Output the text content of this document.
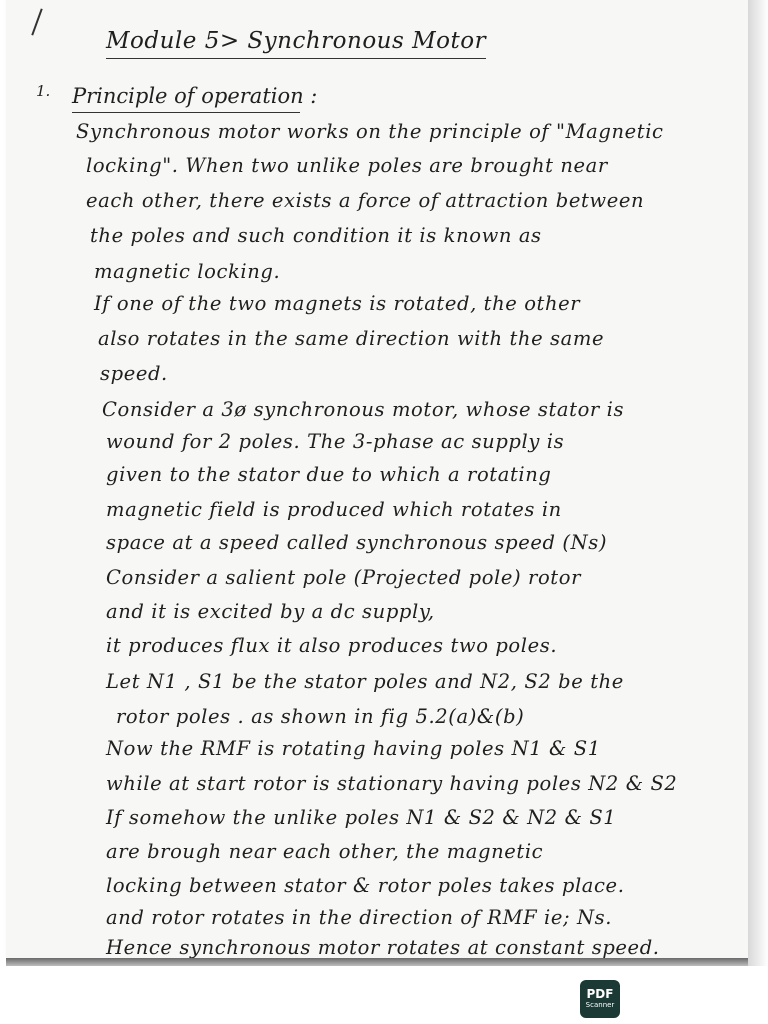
Module 5> Synchronous Motor
1. Principle of operation :
Synchronous motor works on the principle of "Magnetic
locking". When two unlike poles are brought near
each other, there exists a force of attraction between
the poles and such condition it is known as
magnetic locking.
If one of the two magnets is rotated, the other
also rotates in the same direction with the same
speed.
Consider a 3ø synchronous motor, whose stator is
wound for 2 poles. The 3-phase ac supply is
given to the stator due to which a rotating
magnetic field is produced which rotates in
space at a speed called synchronous speed (Ns)
Consider a salient pole (Projected pole) rotor
and it is excited by a dc supply,
it produces flux it also produces two poles.
Let N1 , S1 be the stator poles and N2, S2 be the
rotor poles . as shown in fig 5.2(a)&(b)
Now the RMF is rotating having poles N1 & S1
while at start rotor is stationary having poles N2 & S2
If somehow the unlike poles N1 & S2 & N2 & S1
are brough near each other, the magnetic
locking between stator & rotor poles takes place.
and rotor rotates in the direction of RMF ie; Ns.
Hence synchronous motor rotates at constant speed.
PDF
Scanner
